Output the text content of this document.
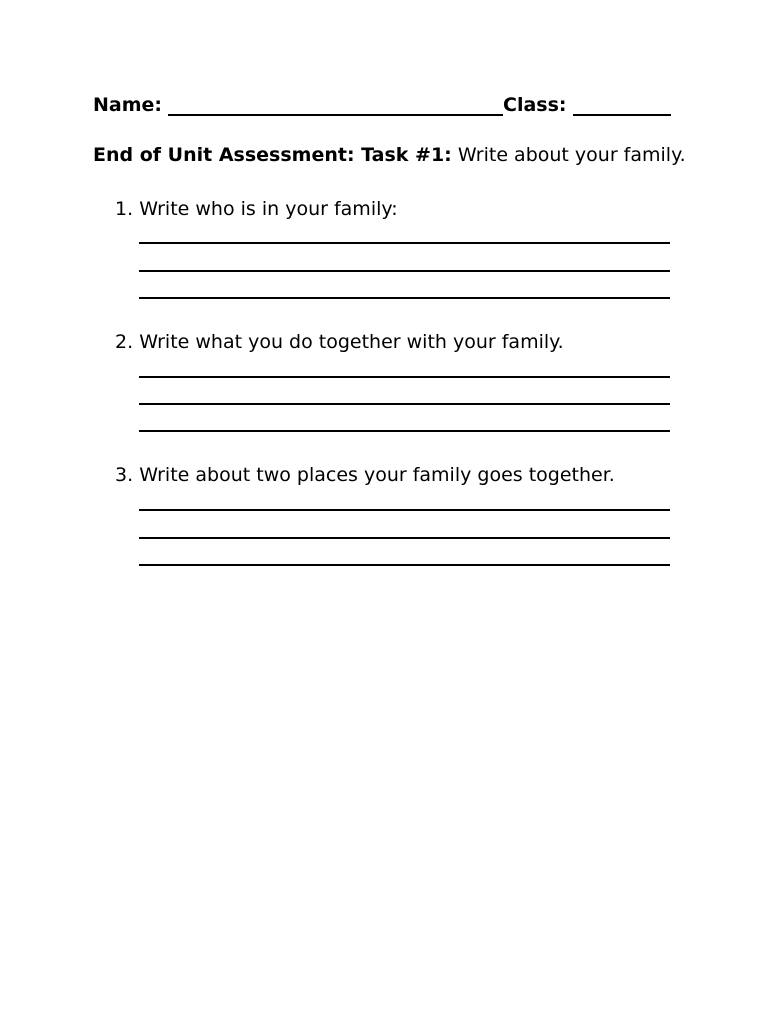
Name:	Class:
End of Unit Assessment: Task #1: Write about your family.
1. Write who is in your family:
2. Write what you do together with your family.
3. Write about two places your family goes together.
